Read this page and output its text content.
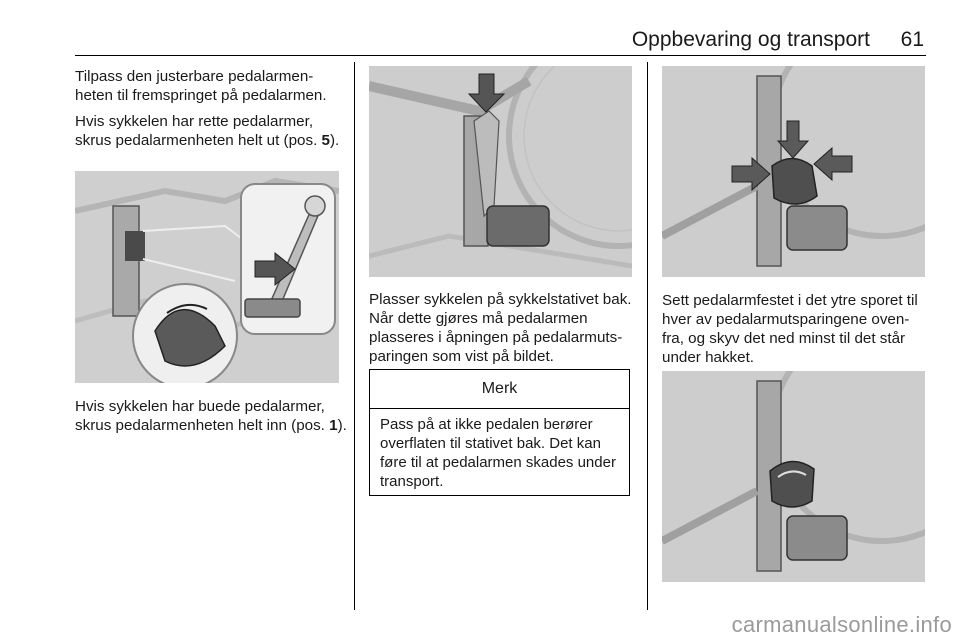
Oppbevaring og transport 61

Tilpass den justerbare pedalarmen-heten til fremspringet på pedalarmen.

Hvis sykkelen har rette pedalarmer, skrus pedalarmenheten helt ut (pos. 5).

Hvis sykkelen har buede pedalarmer, skrus pedalarmenheten helt inn (pos. 1).

Plasser sykkelen på sykkelstativet bak. Når dette gjøres må pedalarmen plasseres i åpningen på pedalarmuts-paringen som vist på bildet.

Merk
Pass på at ikke pedalen berører overflaten til stativet bak. Det kan føre til at pedalarmen skades under transport.

Sett pedalarmfestet i det ytre sporet til hver av pedalarmutsparingene oven-fra, og skyv det ned minst til det står under hakket.

carmanualsonline.info
